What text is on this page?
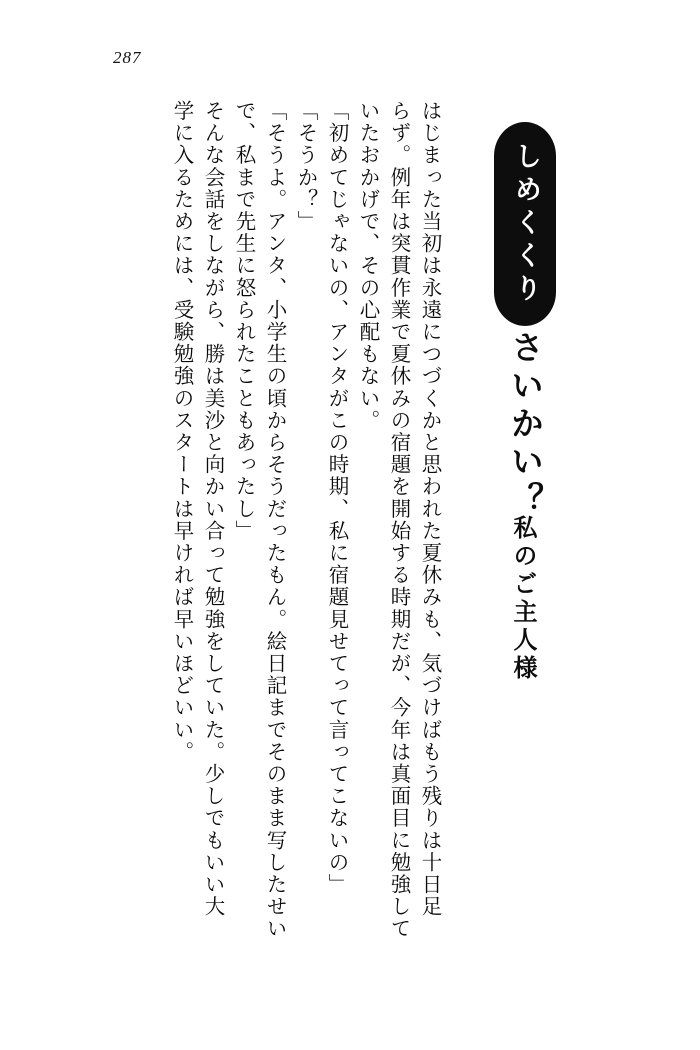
287
しめくくり
さいかい？
私のご主人様
はじまった当初は永遠につづくかと思われた夏休みも、気づけばもう残りは十日足
らず。例年は突貫作業で夏休みの宿題を開始する時期だが、今年は真面目に勉強して
いたおかげで、その心配もない。
「初めてじゃないの、アンタがこの時期、私に宿題見せてって言ってこないの」
「そうか？」
「そうよ。アンタ、小学生の頃からそうだったもん。絵日記までそのまま写したせい
で、私まで先生に怒られたこともあったし」
そんな会話をしながら、勝は美沙と向かい合って勉強をしていた。少しでもいい大
学に入るためには、受験勉強のスタートは早ければ早いほどいい。
